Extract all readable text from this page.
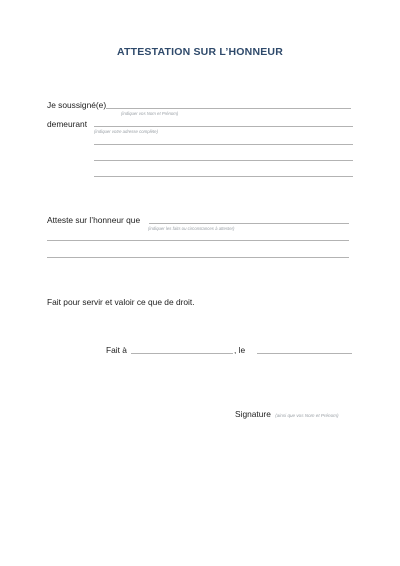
ATTESTATION SUR L’HONNEUR
Je soussigné(e)
(indiquer vos Nom et Prénom)
demeurant
(indiquer votre adresse complète)
Atteste sur l’honneur que
(indiquer les faits ou circonstances à attester)
Fait pour servir et valoir ce que de droit.
Fait à	, le
Signature (ainsi que vos Nom et Prénom)
